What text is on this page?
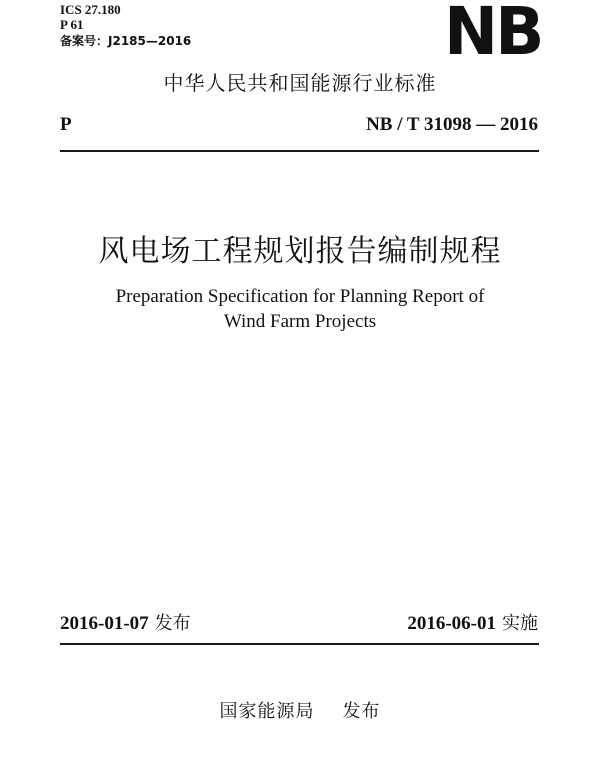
ICS 27.180
P 61
备案号：J2185—2016	NB
中华人民共和国能源行业标准
P	NB / T 31098 — 2016
风电场工程规划报告编制规程
Preparation Specification for Planning Report of
Wind Farm Projects
2016-01-07 发布	2016-06-01 实施
国家能源局 发布
